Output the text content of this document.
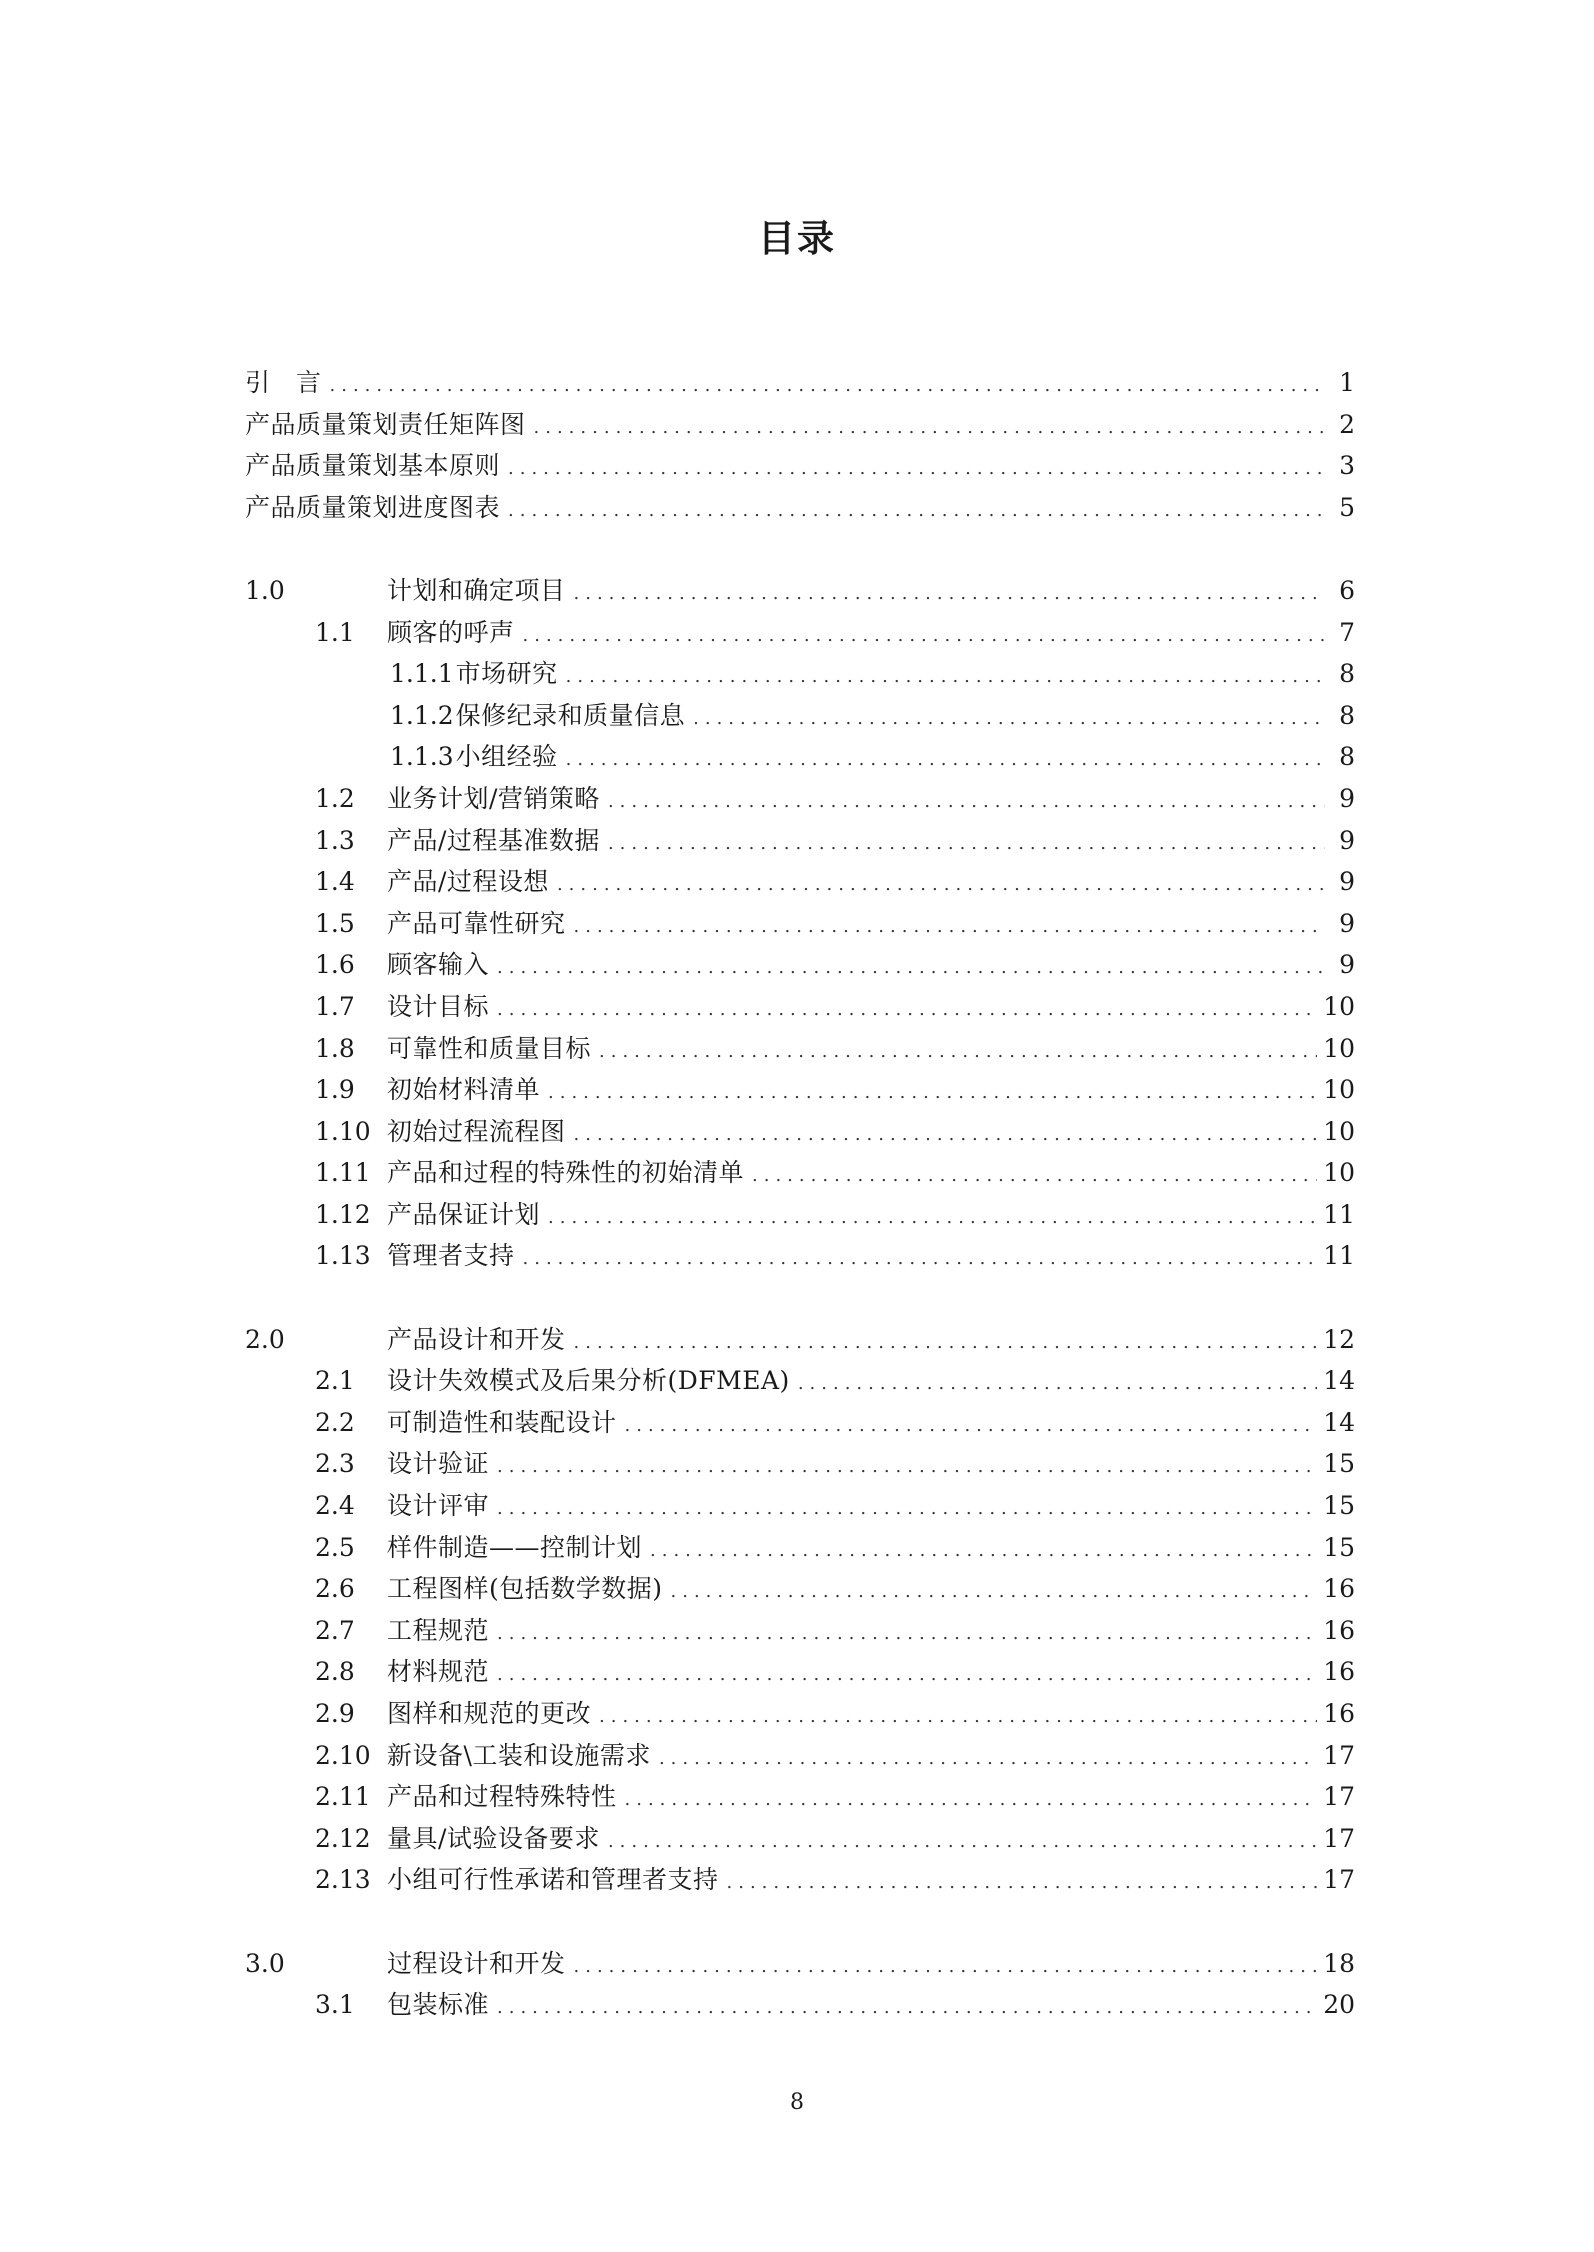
目录
引　言 .....	1
产品质量策划责任矩阵图 .....	2
产品质量策划基本原则 .....	3
产品质量策划进度图表 .....	5
1.0	计划和确定项目 .....	6
1.1	顾客的呼声 .....	7
1.1.1 市场研究 .....	8
1.1.2 保修纪录和质量信息 .....	8
1.1.3 小组经验 .....	8
1.2	业务计划/营销策略 .....	9
1.3	产品/过程基准数据 .....	9
1.4	产品/过程设想 .....	9
1.5	产品可靠性研究 .....	9
1.6	顾客输入 .....	9
1.7	设计目标 .....	10
1.8	可靠性和质量目标 .....	10
1.9	初始材料清单 .....	10
1.10 初始过程流程图 .....	10
1.11 产品和过程的特殊性的初始清单 .....	10
1.12 产品保证计划 .....	11
1.13 管理者支持 .....	11
2.0	产品设计和开发 .....	12
2.1	设计失效模式及后果分析(DFMEA) .....	14
2.2	可制造性和装配设计 .....	14
2.3	设计验证 .....	15
2.4	设计评审 .....	15
2.5	样件制造——控制计划 .....	15
2.6	工程图样(包括数学数据) .....	16
2.7	工程规范 .....	16
2.8	材料规范 .....	16
2.9	图样和规范的更改 .....	16
2.10 新设备\工装和设施需求 .....	17
2.11 产品和过程特殊特性 .....	17
2.12 量具/试验设备要求 .....	17
2.13 小组可行性承诺和管理者支持 .....	17
3.0	过程设计和开发 .....	18
3.1	包装标准 .....	20
8
